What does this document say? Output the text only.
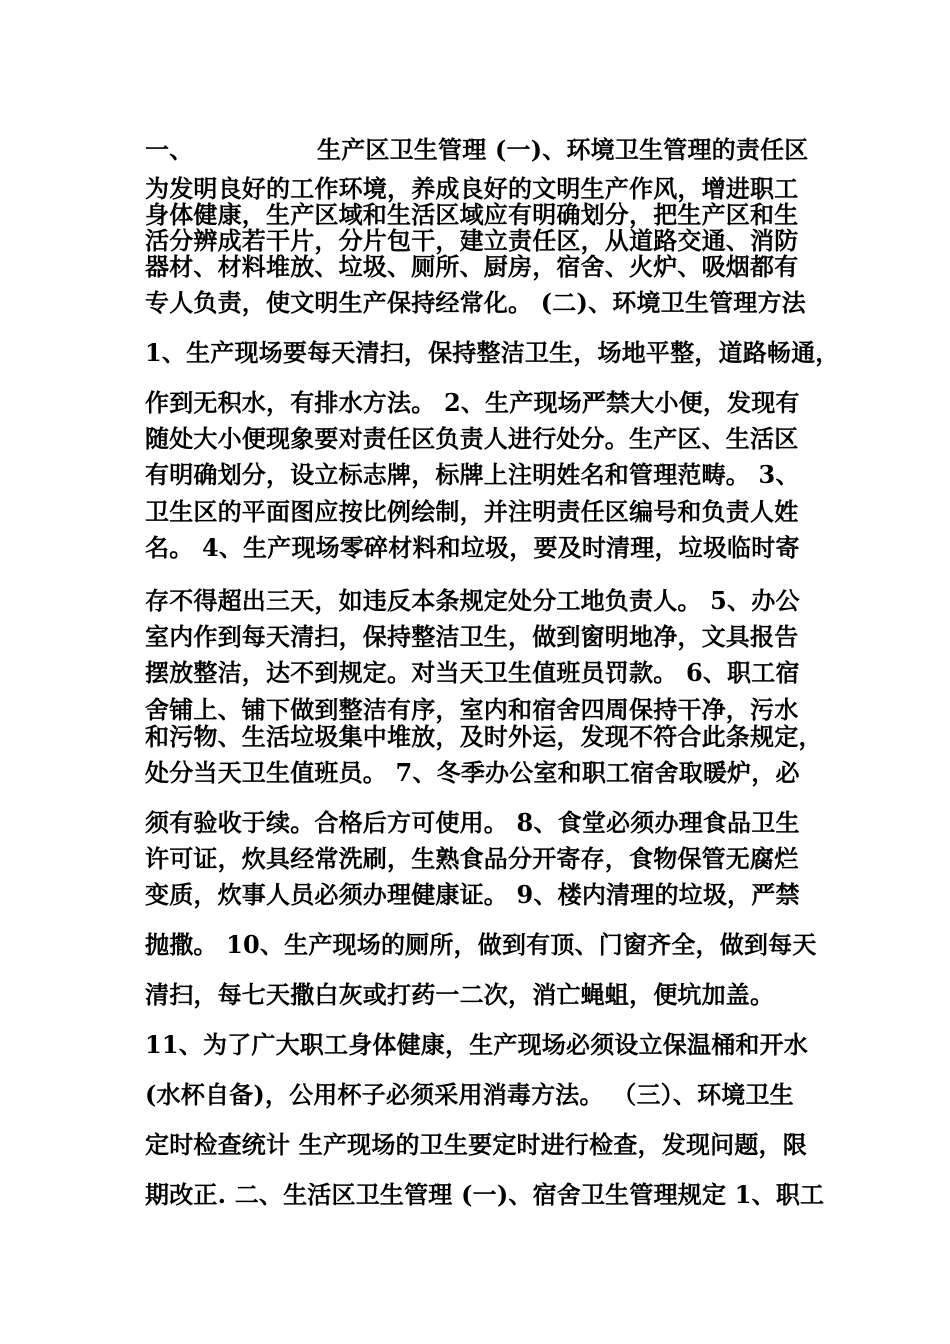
一、	生产区卫生管理 (一)、环境卫生管理的责任区
为发明良好的工作环境，养成良好的文明生产作风，增进职工
身体健康，生产区域和生活区域应有明确划分，把生产区和生
活分辨成若干片，分片包干，建立责任区，从道路交通、消防
器材、材料堆放、垃圾、厕所、厨房，宿舍、火炉、吸烟都有
专人负责，使文明生产保持经常化。 (二)、环境卫生管理方法
1、生产现场要每天清扫，保持整洁卫生，场地平整，道路畅通，
作到无积水，有排水方法。 2、生产现场严禁大小便，发现有
随处大小便现象要对责任区负责人进行处分。生产区、生活区
有明确划分，设立标志牌，标牌上注明姓名和管理范畴。 3、
卫生区的平面图应按比例绘制，并注明责任区编号和负责人姓
名。 4、生产现场零碎材料和垃圾，要及时清理，垃圾临时寄
存不得超出三天，如违反本条规定处分工地负责人。 5、办公
室内作到每天清扫，保持整洁卫生，做到窗明地净，文具报告
摆放整洁，达不到规定。对当天卫生值班员罚款。 6、职工宿
舍铺上、铺下做到整洁有序，室内和宿舍四周保持干净，污水
和污物、生活垃圾集中堆放，及时外运，发现不符合此条规定，
处分当天卫生值班员。 7、冬季办公室和职工宿舍取暖炉，必
须有验收于续。合格后方可使用。 8、食堂必须办理食品卫生
许可证，炊具经常洗刷，生熟食品分开寄存，食物保管无腐烂
变质，炊事人员必须办理健康证。 9、楼内清理的垃圾，严禁
抛撒。 10、生产现场的厕所，做到有顶、门窗齐全，做到每天
清扫，每七天撒白灰或打药一二次，消亡蝇蛆，便坑加盖。
11、为了广大职工身体健康，生产现场必须设立保温桶和开水
(水杯自备)，公用杯子必须采用消毒方法。 （三）、环境卫生
定时检查统计 生产现场的卫生要定时进行检查，发现问题，限
期改正. 二、生活区卫生管理 (一)、宿舍卫生管理规定 1、职工
